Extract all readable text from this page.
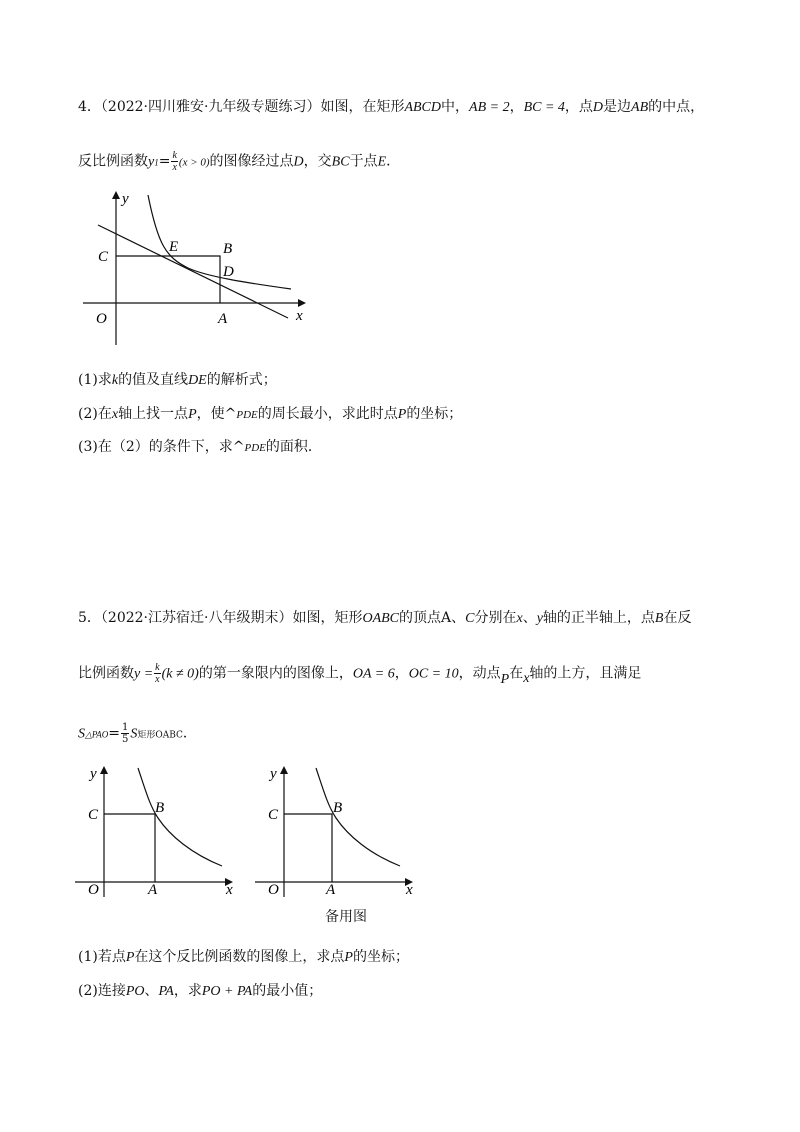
4．（2022·四川雅安·九年级专题练习）如图，在矩形ABCD中，AB = 2，BC = 4，点D是边AB的中点，
反比例函数$y1= \frac{k}{x} (x > 0)$的图像经过点D，交BC于点E．
y
x
O	A
B
C
D
E
(1)求k的值及直线DE的解析式；
(2)在x轴上找一点P，使^PDE的周长最小，求此时点P的坐标；
(3)在（2）的条件下，求^PDE的面积．
5．（2022·江苏宿迁·八年级期末）如图，矩形OABC的顶点A、C分别在x、y轴的正半轴上，点B在反
比例函数$y = \frac{k}{x} (k \ne 0)$的第一象限内的图像上，OA = 6，OC = 10，动点P在x轴的上方，且满足
S△PAO= $\frac{1}{5}$ S矩形OABC．
y
x
O	A
B
C
y
x
O	A
B
C
备用图
(1)若点P在这个反比例函数的图像上，求点P的坐标；
(2)连接PO、PA，求PO + PA的最小值；
